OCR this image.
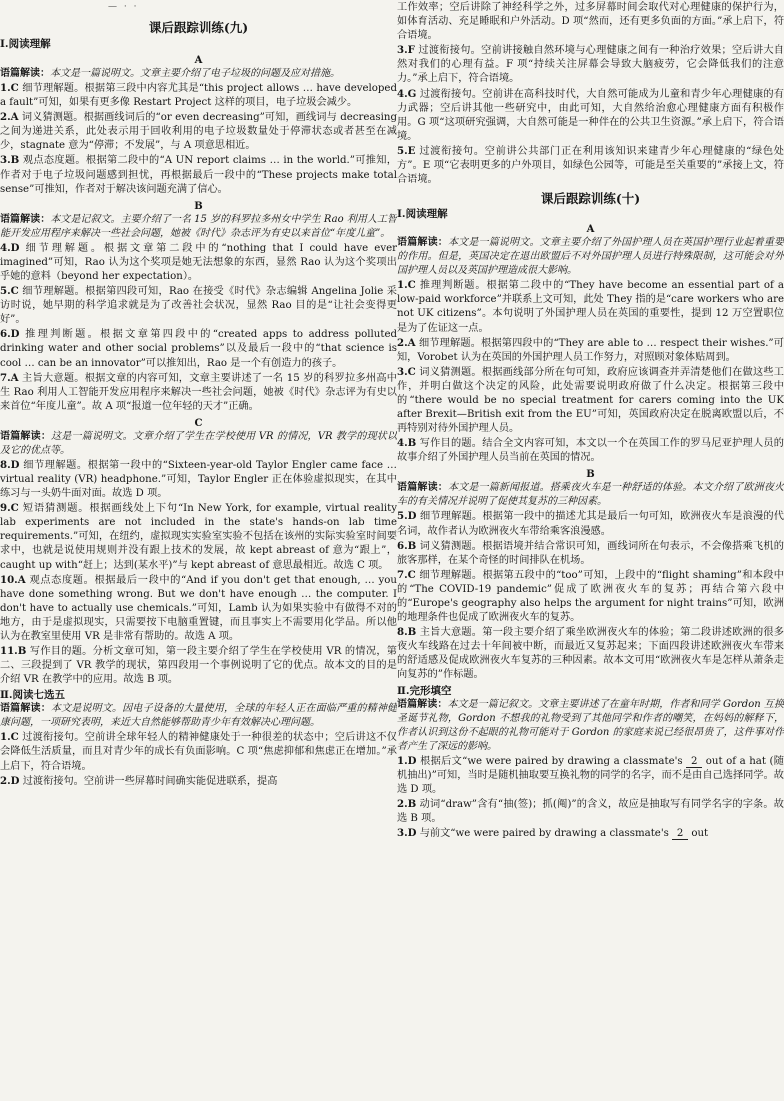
— · ·

课后跟踪训练(九)

Ⅰ.阅读理解

A

语篇解读：本文是一篇说明文。文章主要介绍了电子垃圾的问题及应对措施。

1.C 细节理解题。根据第三段中内容尤其是“this project allows … have developed a fault”可知，如果有更多像 Restart Project 这样的项目，电子垃圾会减少。

2.A 词义猜测题。根据画线词后的“or even decreasing”可知，画线词与 decreasing 之间为递进关系，此处表示用于回收利用的电子垃圾数量处于停滞状态或者甚至在减少，stagnate 意为“停滞；不发展”，与 A 项意思相近。

3.B 观点态度题。根据第二段中的“A UN report claims … in the world.”可推知，作者对于电子垃圾问题感到担忧，再根据最后一段中的“These projects make total sense”可推知，作者对于解决该问题充满了信心。

B

语篇解读：本文是记叙文。主要介绍了一名 15 岁的科罗拉多州女中学生 Rao 利用人工智能开发应用程序来解决一些社会问题，她被《时代》杂志评为有史以来首位“年度儿童”。

4.D 细节理解题。根据文章第二段中的“nothing that I could have ever imagined”可知，Rao 认为这个奖项是她无法想象的东西，显然 Rao 认为这个奖项出乎她的意料（beyond her expectation）。

5.C 细节理解题。根据第四段可知，Rao 在接受《时代》杂志编辑 Angelina Jolie 采访时说，她早期的科学追求就是为了改善社会状况，显然 Rao 目的是“让社会变得更好”。

6.D 推理判断题。根据文章第四段中的“created apps to address polluted drinking water and other social problems”以及最后一段中的“that science is cool … can be an innovator”可以推知出，Rao 是一个有创造力的孩子。

7.A 主旨大意题。根据文章的内容可知，文章主要讲述了一名 15 岁的科罗拉多州高中生 Rao 利用人工智能开发应用程序来解决一些社会问题，她被《时代》杂志评为有史以来首位“年度儿童”。故 A 项“报道一位年轻的天才”正确。

C

语篇解读：这是一篇说明文。文章介绍了学生在学校使用 VR 的情况，VR 教学的现状以及它的优点等。

8.D 细节理解题。根据第一段中的“Sixteen-year-old Taylor Engler came face … virtual reality (VR) headphone.”可知，Taylor Engler 正在体验虚拟现实，在其中练习与一头奶牛面对面。故选 D 项。

9.C 短语猜测题。根据画线处上下句“In New York, for example, virtual reality lab experiments are not included in the state's hands-on lab time requirements.”可知，在纽约，虚拟现实实验室实验不包括在该州的实际实验室时间要求中，也就是说使用规则并没有跟上技术的发展，故 kept abreast of 意为“跟上”，caught up with“赶上；达到(某水平)”与 kept abreast of 意思最相近。故选 C 项。

10.A 观点态度题。根据最后一段中的“And if you don't get that enough, … you have done something wrong. But we don't have enough … the computer. I don't have to actually use chemicals.”可知，Lamb 认为如果实验中有做得不对的地方，由于是虚拟现实，只需要按下电脑重置键，而且事实上不需要用化学品。所以他认为在教室里使用 VR 是非常有帮助的。故选 A 项。

11.B 写作目的题。分析文章可知，第一段主要介绍了学生在学校使用 VR 的情况，第二、三段提到了 VR 教学的现状，第四段用一个事例说明了它的优点。故本文的目的是介绍 VR 在教学中的应用。故选 B 项。

Ⅱ.阅读七选五

语篇解读：本文是说明文。因电子设备的大量使用，全球的年轻人正在面临严重的精神健康问题，一项研究表明，来近大自然能够帮助青少年有效解决心理问题。

1.C 过渡衔接句。空前讲全球年轻人的精神健康处于一种很差的状态中；空后讲这不仅会降低生活质量，而且对青少年的成长有负面影响。C 项“焦虑抑郁和焦虑正在增加。”承上启下，符合语境。

2.D 过渡衔接句。空前讲一些屏幕时间确实能促进联系，提高

工作效率；空后讲除了神经科学之外，过多屏幕时间会取代对心理健康的保护行为，如体育活动、充足睡眠和户外活动。D 项“然而，还有更多负面的方面。”承上启下，符合语境。

3.F 过渡衔接句。空前讲接触自然环境与心理健康之间有一种治疗效果；空后讲大自然对我们的心理有益。F 项“持续关注屏幕会导致大脑疲劳，它会降低我们的注意力。”承上启下，符合语境。

4.G 过渡衔接句。空前讲在高科技时代，大自然可能成为儿童和青少年心理健康的有力武器；空后讲其他一些研究中，由此可知，大自然给治愈心理健康方面有积极作用。G 项“这项研究强调，大自然可能是一种伴在的公共卫生资源。”承上启下，符合语境。

5.E 过渡衔接句。空前讲公共部门正在利用该知识来建青少年心理健康的“绿色处方”。E 项“它表明更多的户外项目，如绿色公园等，可能是至关重要的”承接上文，符合语境。

课后跟踪训练(十)

Ⅰ.阅读理解

A

语篇解读：本文是一篇说明文。文章主要介绍了外国护理人员在英国护理行业起着重要的作用。但是，英国决定在退出欧盟后不对外国护理人员进行特殊限制，这可能会对外国护理人员以及英国护理造成很大影响。

1.C 推理判断题。根据第二段中的“They have become an essential part of a low-paid workforce”并联系上文可知，此处 They 指的是“care workers who are not UK citizens”。本句说明了外国护理人员在英国的重要性，提到 12 万空置职位是为了佐证这一点。

2.A 细节理解题。根据第四段中的“They are able to … respect their wishes.”可知，Vorobet 认为在英国的外国护理人员工作努力，对照顾对象体贴周到。

3.C 词义猜测题。根据画线部分所在句可知，政府应该调查并弄清楚他们在做这些工作，并明白做这个决定的风险，此处需要说明政府做了什么决定。根据第三段中的“there would be no special treatment for carers coming into the UK after Brexit—British exit from the EU”可知，英国政府决定在脱离欧盟以后，不再特别对待外国护理人员。

4.B 写作目的题。结合全文内容可知，本文以一个在英国工作的罗马尼亚护理人员的故事介绍了外国护理人员当前在英国的情况。

B

语篇解读：本文是一篇新闻报道。搭乘夜火车是一种舒适的体验。本文介绍了欧洲夜火车的有关情况并说明了促使其复苏的三种因素。

5.D 细节理解题。根据第一段中的描述尤其是最后一句可知，欧洲夜火车是浪漫的代名词，故作者认为欧洲夜火车带给乘客浪漫感。

6.B 词义猜测题。根据语境并结合常识可知，画线词所在句表示，不会像搭乘飞机的旅客那样，在某个奇怪的时间排队在机场。

7.C 细节理解题。根据第五段中的“too”可知，上段中的“flight shaming”和本段中的“The COVID-19 pandemic”促成了欧洲夜火车的复苏；再结合第六段中的“Europe's geography also helps the argument for night trains”可知，欧洲的地理条件也促成了欧洲夜火车的复苏。

8.B 主旨大意题。第一段主要介绍了乘坐欧洲夜火车的体验；第二段讲述欧洲的很多夜火车线路在过去十年间被中断，而最近又复苏起来；下面四段讲述欧洲夜火车带来的舒适感及促成欧洲夜火车复苏的三种因素。故本文可用“欧洲夜火车是怎样从萧条走向复苏的”作标题。

Ⅱ.完形填空

语篇解读：本文是一篇记叙文。文章主要讲述了在童年时期，作者和同学 Gordon 互换圣诞节礼物，Gordon 不想我的礼物受到了其他同学和作者的嘲笑，在妈妈的解释下，作者认识到这份不起眼的礼物可能对于 Gordon 的家庭来说已经很昂贵了，这件事对作者产生了深远的影响。

1.D 根据后文“we were paired by drawing a classmate's 2 out of a hat (随机抽出)”可知，当时是随机抽取要互换礼物的同学的名字，而不是由自己选择同学。故选 D 项。

2.B 动词“draw”含有“抽(签)；抓(阄)”的含义，故应是抽取写有同学名字的字条。故选 B 项。

3.D 与前文“we were paired by drawing a classmate's 2 out
